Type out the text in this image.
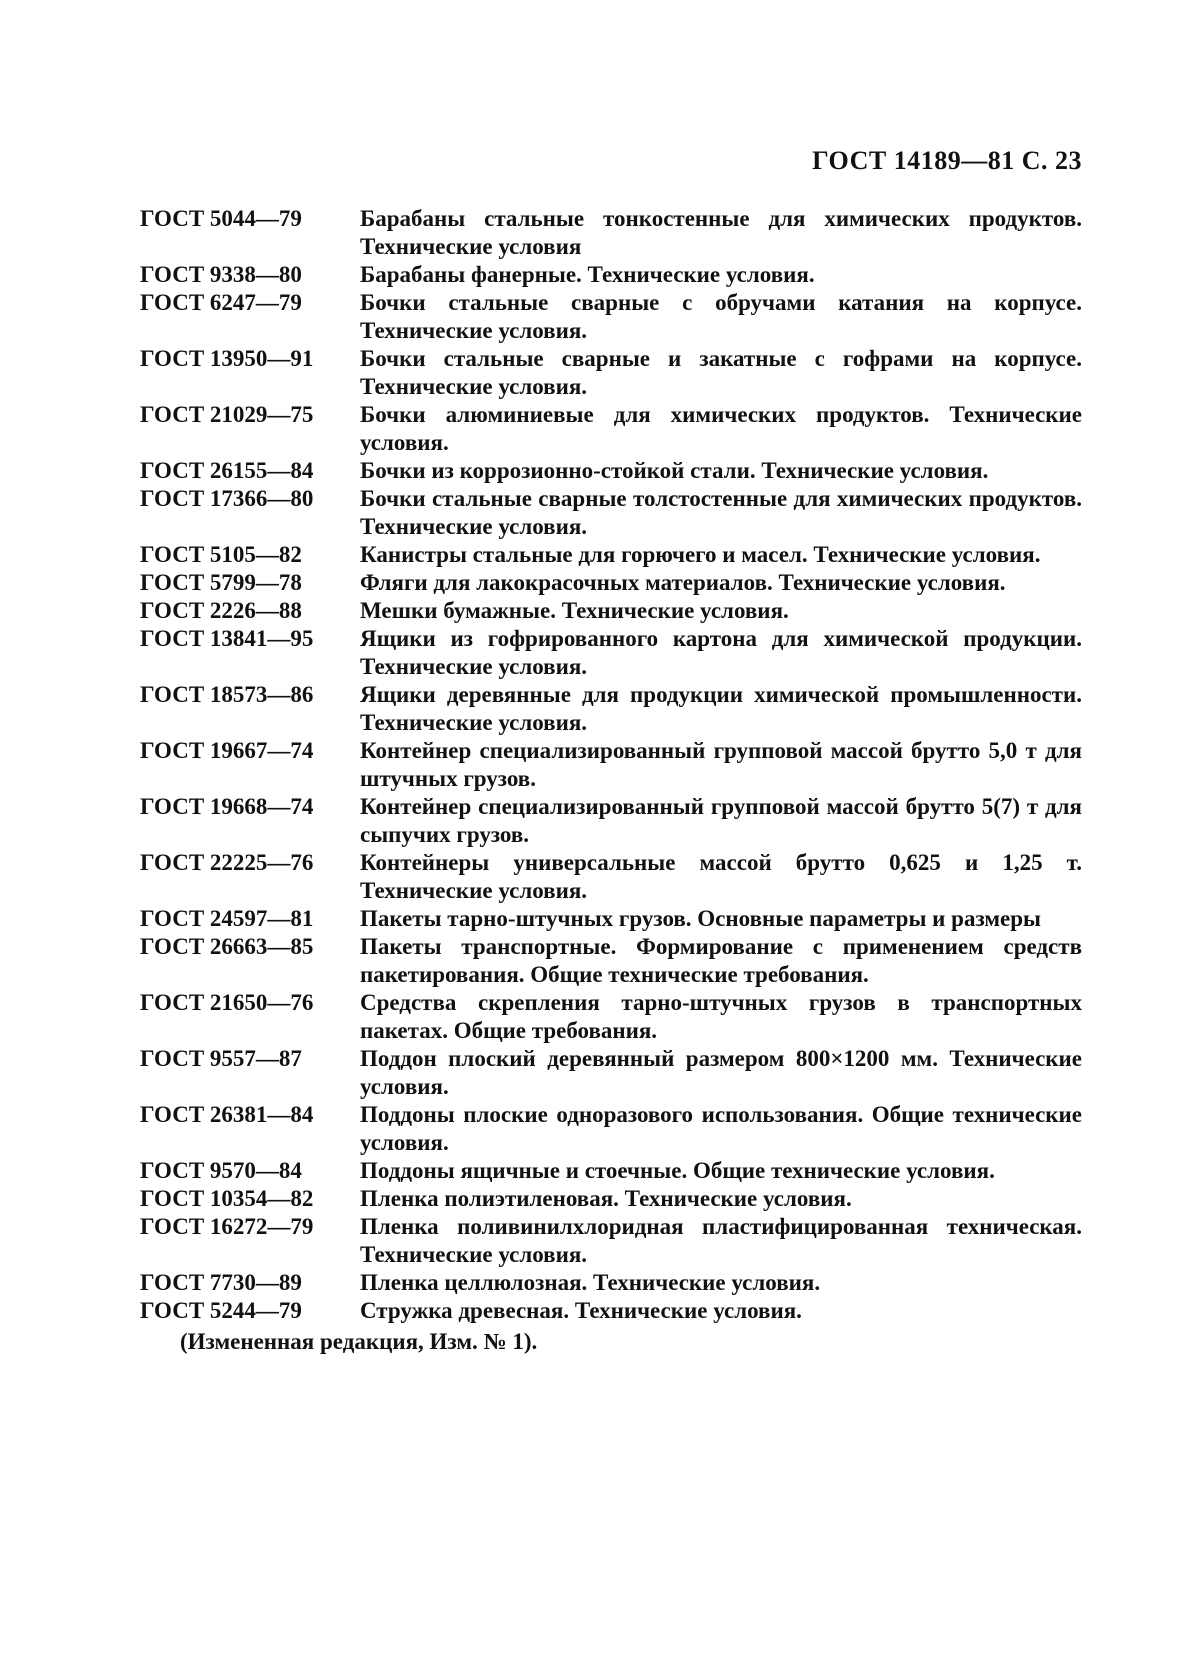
ГОСТ 14189—81 С. 23
ГОСТ 5044—79	Барабаны стальные тонкостенные для химических продуктов. Технические условия
ГОСТ 9338—80	Барабаны фанерные. Технические условия.
ГОСТ 6247—79	Бочки стальные сварные с обручами катания на корпусе. Технические условия.
ГОСТ 13950—91	Бочки стальные сварные и закатные с гофрами на корпусе. Технические условия.
ГОСТ 21029—75	Бочки алюминиевые для химических продуктов. Технические условия.
ГОСТ 26155—84	Бочки из коррозионно-стойкой стали. Технические условия.
ГОСТ 17366—80	Бочки стальные сварные толстостенные для химических продуктов. Технические условия.
ГОСТ 5105—82	Канистры стальные для горючего и масел. Технические условия.
ГОСТ 5799—78	Фляги для лакокрасочных материалов. Технические условия.
ГОСТ 2226—88	Мешки бумажные. Технические условия.
ГОСТ 13841—95	Ящики из гофрированного картона для химической продукции. Технические условия.
ГОСТ 18573—86	Ящики деревянные для продукции химической промышленности. Технические условия.
ГОСТ 19667—74	Контейнер специализированный групповой массой брутто 5,0 т для штучных грузов.
ГОСТ 19668—74	Контейнер специализированный групповой массой брутто 5(7) т для сыпучих грузов.
ГОСТ 22225—76	Контейнеры универсальные массой брутто 0,625 и 1,25 т. Технические условия.
ГОСТ 24597—81	Пакеты тарно-штучных грузов. Основные параметры и размеры
ГОСТ 26663—85	Пакеты транспортные. Формирование с применением средств пакетирования. Общие технические требования.
ГОСТ 21650—76	Средства скрепления тарно-штучных грузов в транспортных пакетах. Общие требования.
ГОСТ 9557—87	Поддон плоский деревянный размером 800×1200 мм. Технические условия.
ГОСТ 26381—84	Поддоны плоские одноразового использования. Общие технические условия.
ГОСТ 9570—84	Поддоны ящичные и стоечные. Общие технические условия.
ГОСТ 10354—82	Пленка полиэтиленовая. Технические условия.
ГОСТ 16272—79	Пленка поливинилхлоридная пластифицированная техническая. Технические условия.
ГОСТ 7730—89	Пленка целлюлозная. Технические условия.
ГОСТ 5244—79	Стружка древесная. Технические условия.
(Измененная редакция, Изм. № 1).
